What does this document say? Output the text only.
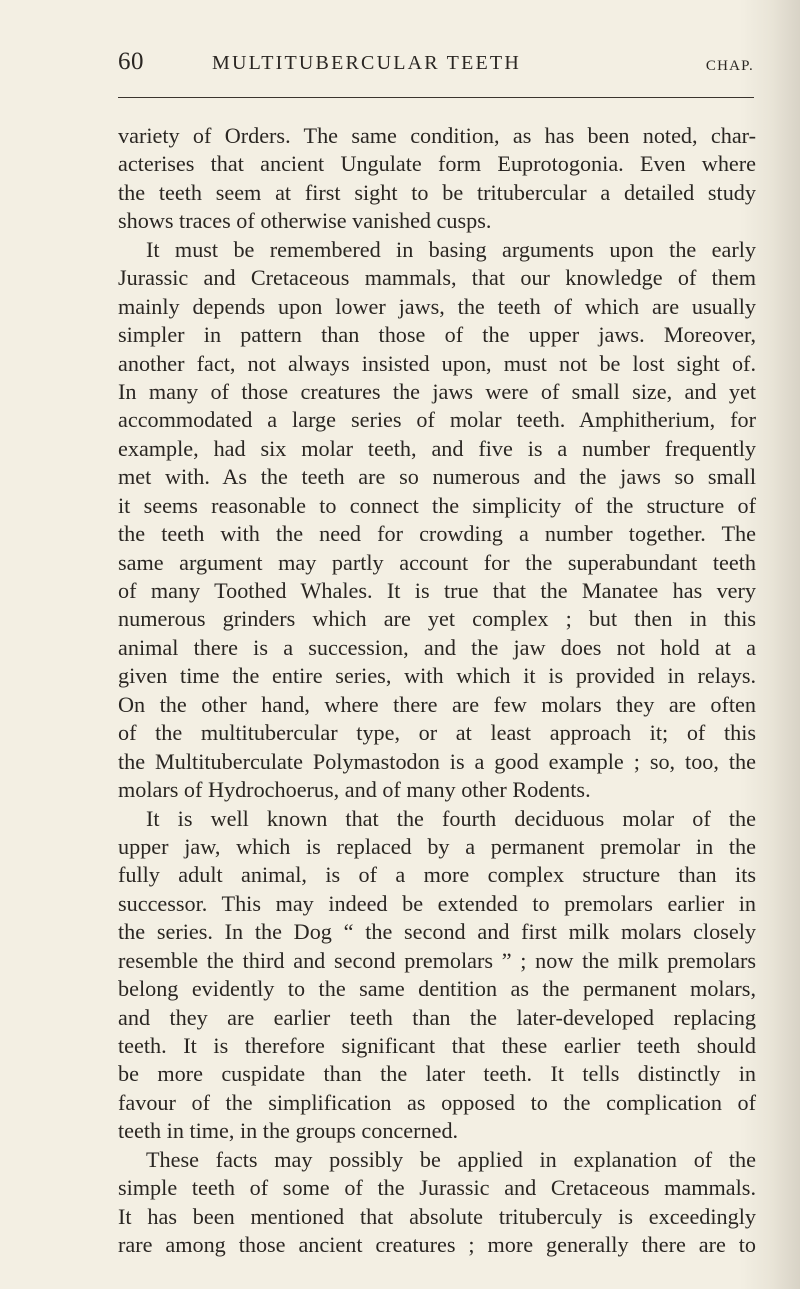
60	MULTITUBERCULAR TEETH	CHAP.
variety of Orders. The same condition, as has been noted, char-
acterises that ancient Ungulate form Euprotogonia. Even where
the teeth seem at first sight to be tritubercular a detailed study
shows traces of otherwise vanished cusps.
It must be remembered in basing arguments upon the early
Jurassic and Cretaceous mammals, that our knowledge of them
mainly depends upon lower jaws, the teeth of which are usually
simpler in pattern than those of the upper jaws. Moreover,
another fact, not always insisted upon, must not be lost sight of.
In many of those creatures the jaws were of small size, and yet
accommodated a large series of molar teeth. Amphitherium, for
example, had six molar teeth, and five is a number frequently
met with. As the teeth are so numerous and the jaws so small
it seems reasonable to connect the simplicity of the structure of
the teeth with the need for crowding a number together. The
same argument may partly account for the superabundant teeth
of many Toothed Whales. It is true that the Manatee has very
numerous grinders which are yet complex ; but then in this
animal there is a succession, and the jaw does not hold at a
given time the entire series, with which it is provided in relays.
On the other hand, where there are few molars they are often
of the multitubercular type, or at least approach it; of this
the Multituberculate Polymastodon is a good example ; so, too, the
molars of Hydrochoerus, and of many other Rodents.
It is well known that the fourth deciduous molar of the
upper jaw, which is replaced by a permanent premolar in the
fully adult animal, is of a more complex structure than its
successor. This may indeed be extended to premolars earlier in
the series. In the Dog “ the second and first milk molars closely
resemble the third and second premolars ” ; now the milk premolars
belong evidently to the same dentition as the permanent molars,
and they are earlier teeth than the later-developed replacing
teeth. It is therefore significant that these earlier teeth should
be more cuspidate than the later teeth. It tells distinctly in
favour of the simplification as opposed to the complication of
teeth in time, in the groups concerned.
These facts may possibly be applied in explanation of the
simple teeth of some of the Jurassic and Cretaceous mammals.
It has been mentioned that absolute trituberculy is exceedingly
rare among those ancient creatures ; more generally there are to
